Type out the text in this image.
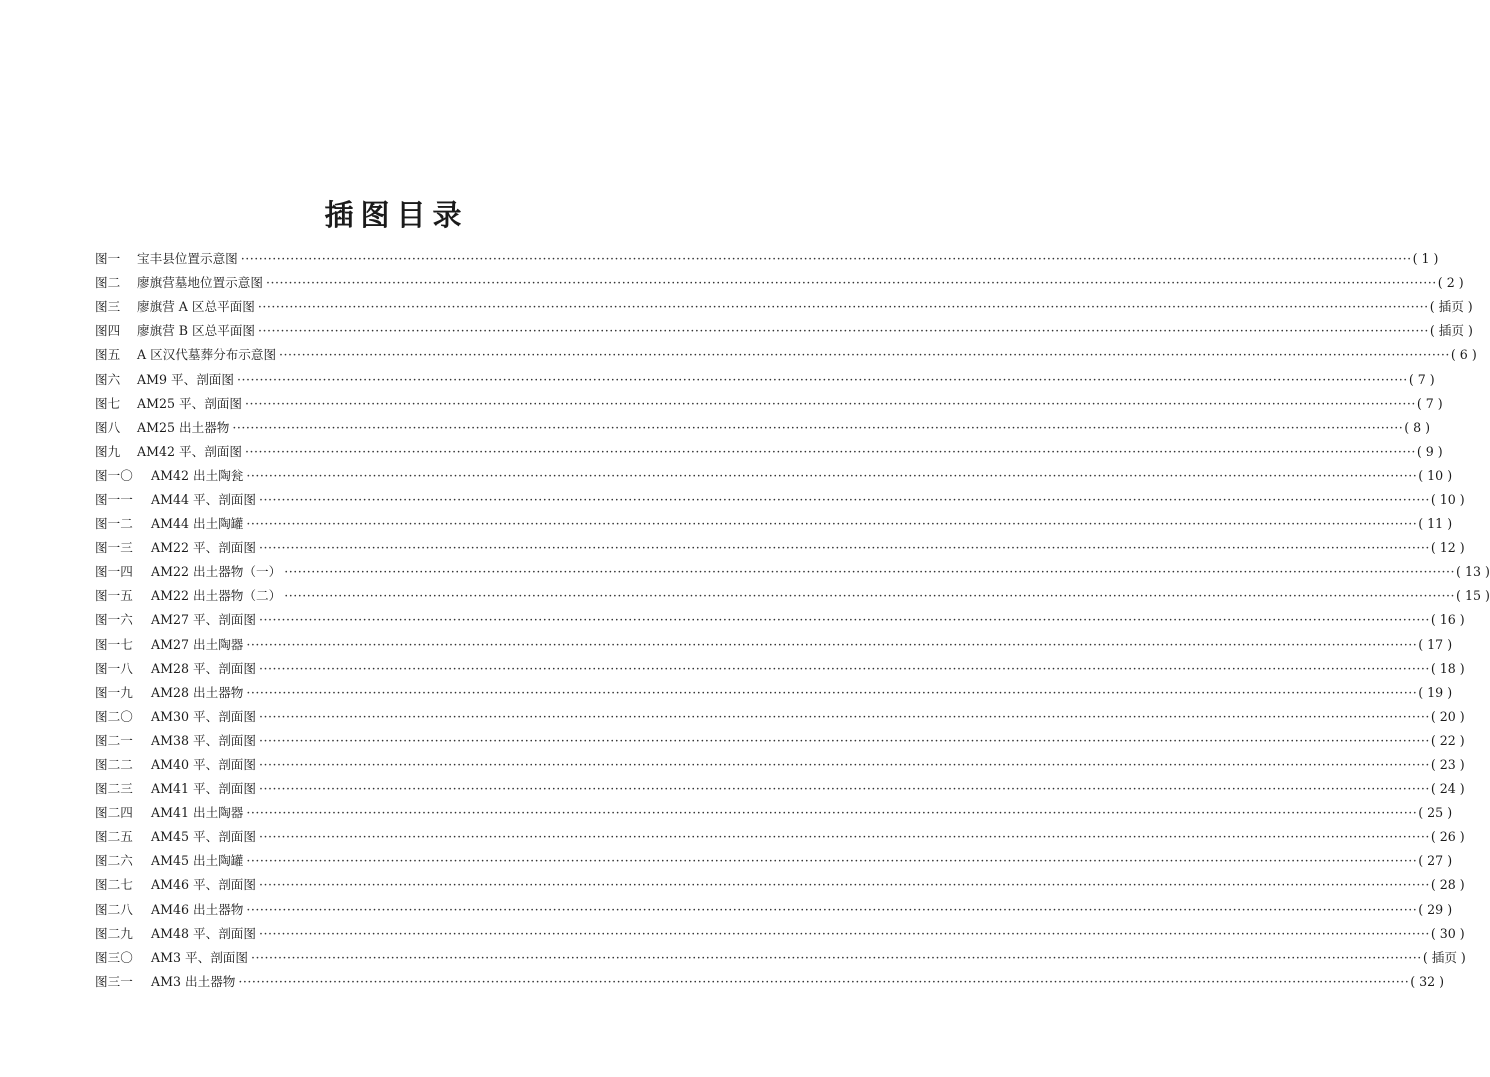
插图目录
图一	宝丰县位置示意图 ···································································································································································································································································· ( 1 )
图二	廖旗营墓地位置示意图 ···································································································································································································································································· ( 2 )
图三	廖旗营 A 区总平面图 ···································································································································································································································································· ( 插页 )
图四	廖旗营 B 区总平面图 ···································································································································································································································································· ( 插页 )
图五	A 区汉代墓葬分布示意图 ···································································································································································································································································· ( 6 )
图六	AM9 平、剖面图 ···································································································································································································································································· ( 7 )
图七	AM25 平、剖面图 ···································································································································································································································································· ( 7 )
图八	AM25 出土器物 ···································································································································································································································································· ( 8 )
图九	AM42 平、剖面图 ···································································································································································································································································· ( 9 )
图一〇	AM42 出土陶瓮 ···································································································································································································································································· ( 10 )
图一一	AM44 平、剖面图 ···································································································································································································································································· ( 10 )
图一二	AM44 出土陶罐 ···································································································································································································································································· ( 11 )
图一三	AM22 平、剖面图 ···································································································································································································································································· ( 12 )
图一四	AM22 出土器物（一） ···································································································································································································································································· ( 13 )
图一五	AM22 出土器物（二） ···································································································································································································································································· ( 15 )
图一六	AM27 平、剖面图 ···································································································································································································································································· ( 16 )
图一七	AM27 出土陶器 ···································································································································································································································································· ( 17 )
图一八	AM28 平、剖面图 ···································································································································································································································································· ( 18 )
图一九	AM28 出土器物 ···································································································································································································································································· ( 19 )
图二〇	AM30 平、剖面图 ···································································································································································································································································· ( 20 )
图二一	AM38 平、剖面图 ···································································································································································································································································· ( 22 )
图二二	AM40 平、剖面图 ···································································································································································································································································· ( 23 )
图二三	AM41 平、剖面图 ···································································································································································································································································· ( 24 )
图二四	AM41 出土陶器 ···································································································································································································································································· ( 25 )
图二五	AM45 平、剖面图 ···································································································································································································································································· ( 26 )
图二六	AM45 出土陶罐 ···································································································································································································································································· ( 27 )
图二七	AM46 平、剖面图 ···································································································································································································································································· ( 28 )
图二八	AM46 出土器物 ···································································································································································································································································· ( 29 )
图二九	AM48 平、剖面图 ···································································································································································································································································· ( 30 )
图三〇	AM3 平、剖面图 ···································································································································································································································································· ( 插页 )
图三一	AM3 出土器物 ···································································································································································································································································· ( 32 )
